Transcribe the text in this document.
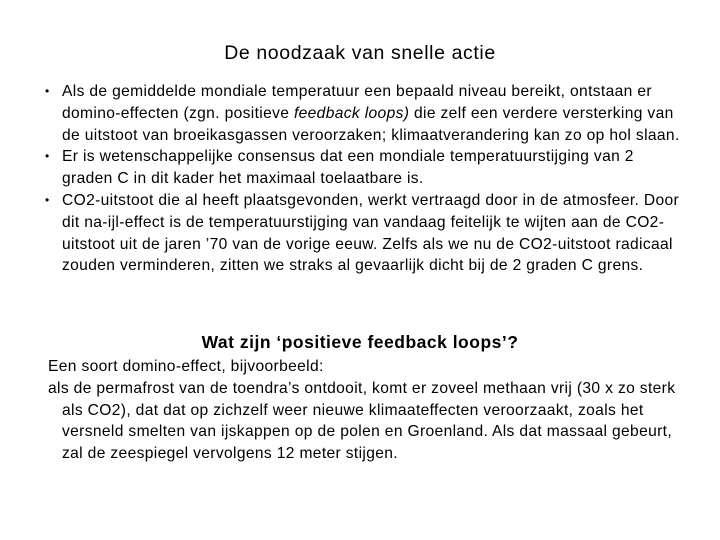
De noodzaak van snelle actie
• Als de gemiddelde mondiale temperatuur een bepaald niveau bereikt, ontstaan er domino-effecten (zgn. positieve feedback loops) die zelf een verdere versterking van de uitstoot van broeikasgassen veroorzaken; klimaatverandering kan zo op hol slaan.
• Er is wetenschappelijke consensus dat een mondiale temperatuurstijging van 2 graden C in dit kader het maximaal toelaatbare is.
• CO2-uitstoot die al heeft plaatsgevonden, werkt vertraagd door in de atmosfeer. Door dit na-ijl-effect is de temperatuurstijging van vandaag feitelijk te wijten aan de CO2-uitstoot uit de jaren ’70 van de vorige eeuw. Zelfs als we nu de CO2-uitstoot radicaal zouden verminderen, zitten we straks al gevaarlijk dicht bij de 2 graden C grens.
Wat zijn ‘positieve feedback loops’?

Een soort domino-effect, bijvoorbeeld:

als de permafrost van de toendra’s ontdooit, komt er zoveel methaan vrij (30 x zo sterk als CO2), dat dat op zichzelf weer nieuwe klimaateffecten veroorzaakt, zoals het versneld smelten van ijskappen op de polen en Groenland. Als dat massaal gebeurt, zal de zeespiegel vervolgens 12 meter stijgen.
